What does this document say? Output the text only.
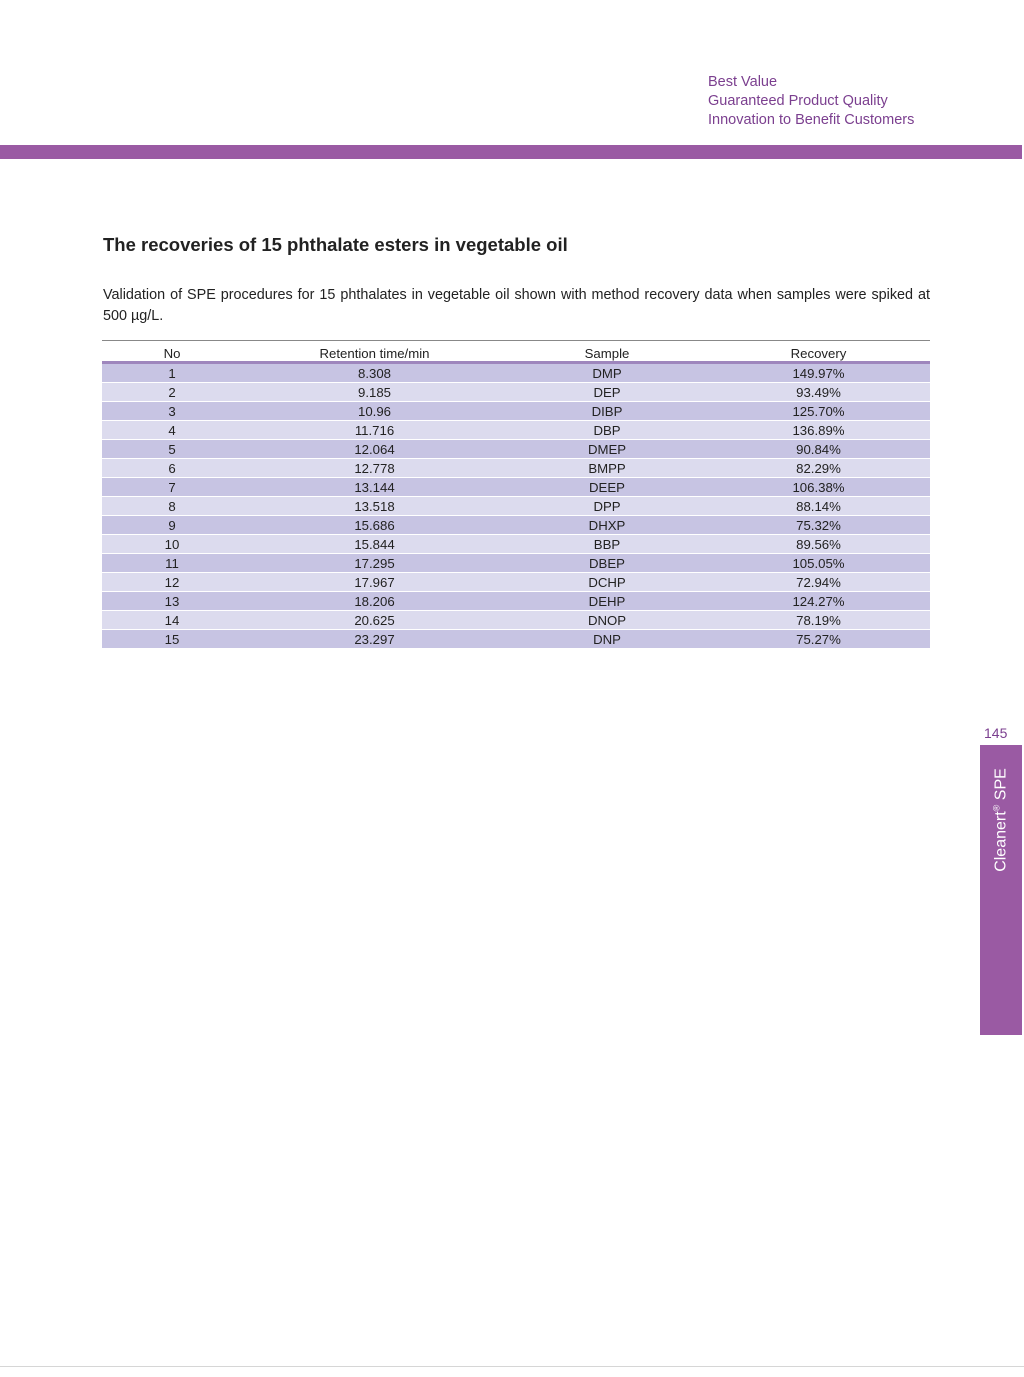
Best Value
Guaranteed Product Quality
Innovation to Benefit Customers
The recoveries of 15 phthalate esters in vegetable oil

Validation of SPE procedures for 15 phthalates in vegetable oil shown with method recovery data when samples were spiked at 500 µg/L.

No	Retention time/min	Sample	Recovery
1	8.308	DMP	149.97%
2	9.185	DEP	93.49%
3	10.96	DIBP	125.70%
4	11.716	DBP	136.89%
5	12.064	DMEP	90.84%
6	12.778	BMPP	82.29%
7	13.144	DEEP	106.38%
8	13.518	DPP	88.14%
9	15.686	DHXP	75.32%
10	15.844	BBP	89.56%
11	17.295	DBEP	105.05%
12	17.967	DCHP	72.94%
13	18.206	DEHP	124.27%
14	20.625	DNOP	78.19%
15	23.297	DNP	75.27%
145
Cleanert® SPE
